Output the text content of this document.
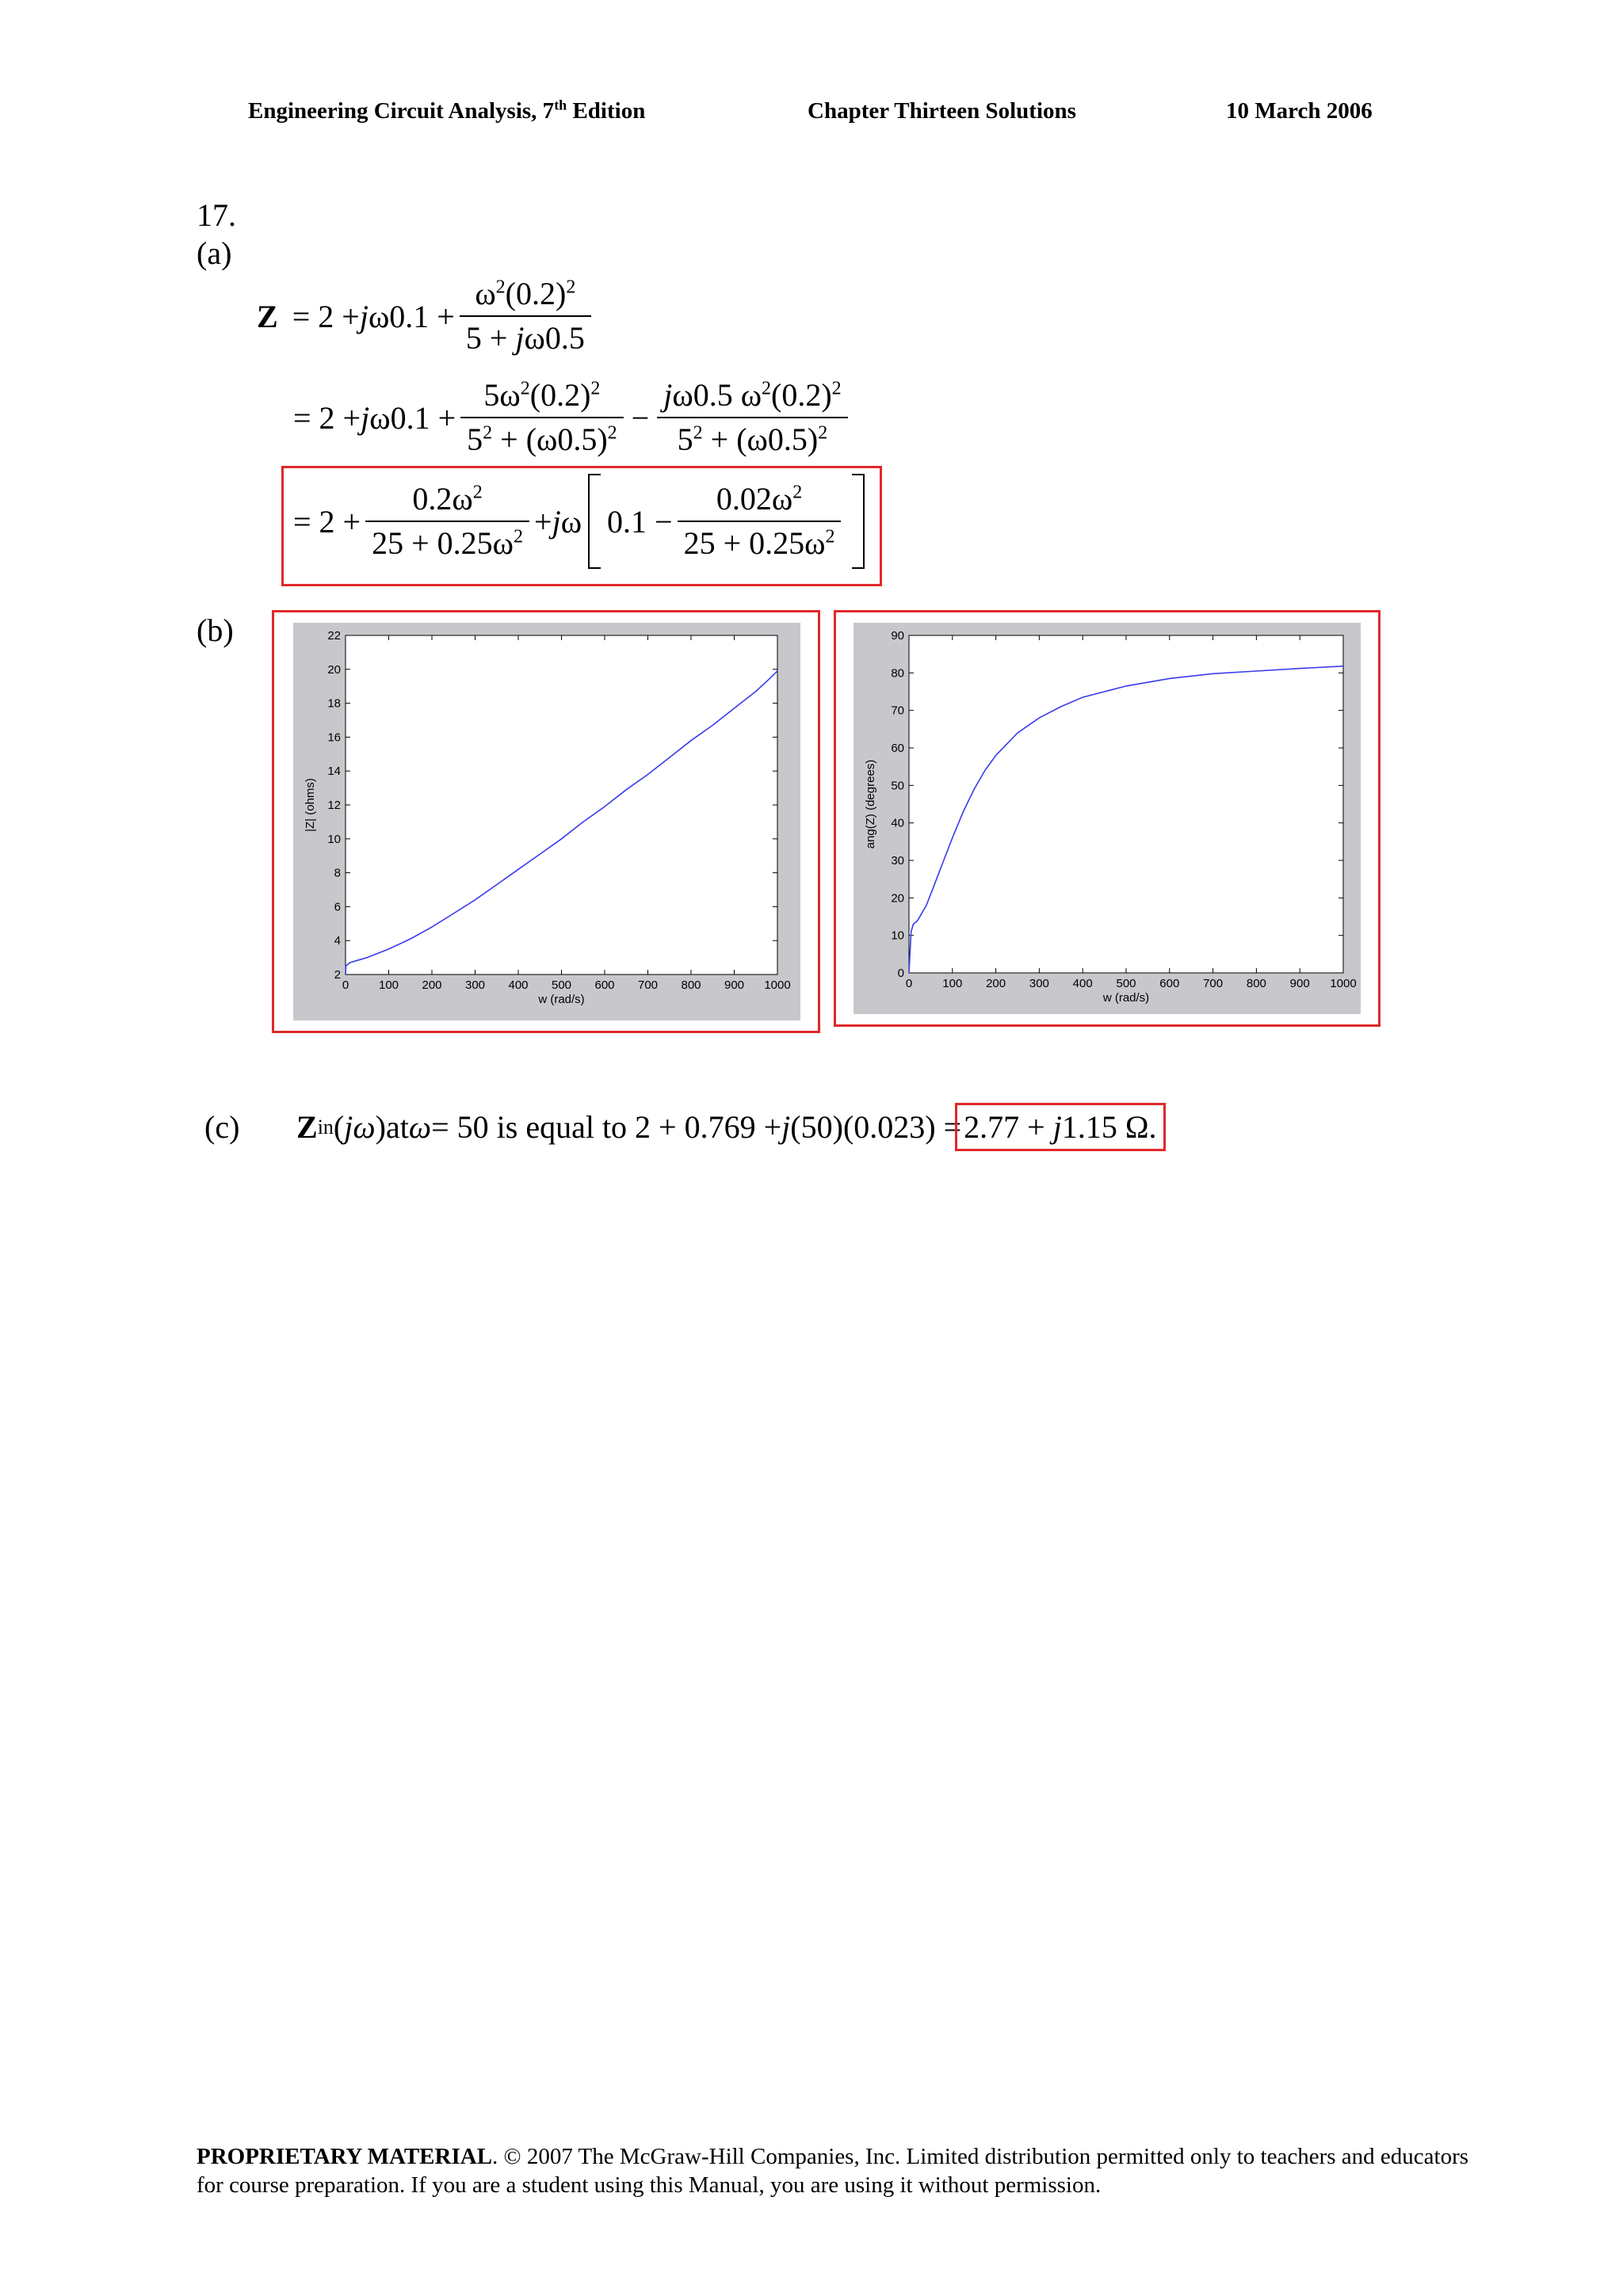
Engineering Circuit Analysis, 7th Edition	Chapter Thirteen Solutions	10 March 2006
17.
(a)
(b)
Z = 2 + j $\omega 0.1 + \frac{\omega^2(0.2)^2}{5 + j\omega 0.5}$
= 2 + j $\omega 0.1 + \frac{5\omega^2(0.2)^2}{5^2 + (\omega 0.5)^2} - \frac{j\omega 0.5 \omega^2(0.2)^2}{5^2 + (\omega 0.5)^2}$
= $2 + \frac{0.2\omega^2}{25 + 0.25\omega^2} + j$ ω $0.1 - \frac{0.02\omega^2}{25 + 0.25\omega^2}$
0	100 200 300 400 500 600 700 800 900 1000
2
4
6
8
10
12
14
16
18
20
22
w (rad/s)
|Z| (ohms)
0	100 200 300 400 500 600 700 800 900 1000
0
10
20
30
40
50
60
70
80
90
w (rad/s)
ang(Z) (degrees)
(c)	Z in ( j ω ) at ω = 50 is equal to 2 + 0.769 + j (50)(0.023) = 2.77 + j1.15 Ω.
PROPRIETARY MATERIAL. © 2007 The McGraw-Hill Companies, Inc. Limited distribution permitted only to teachers and educators for course preparation. If you are a student using this Manual, you are using it without permission.
